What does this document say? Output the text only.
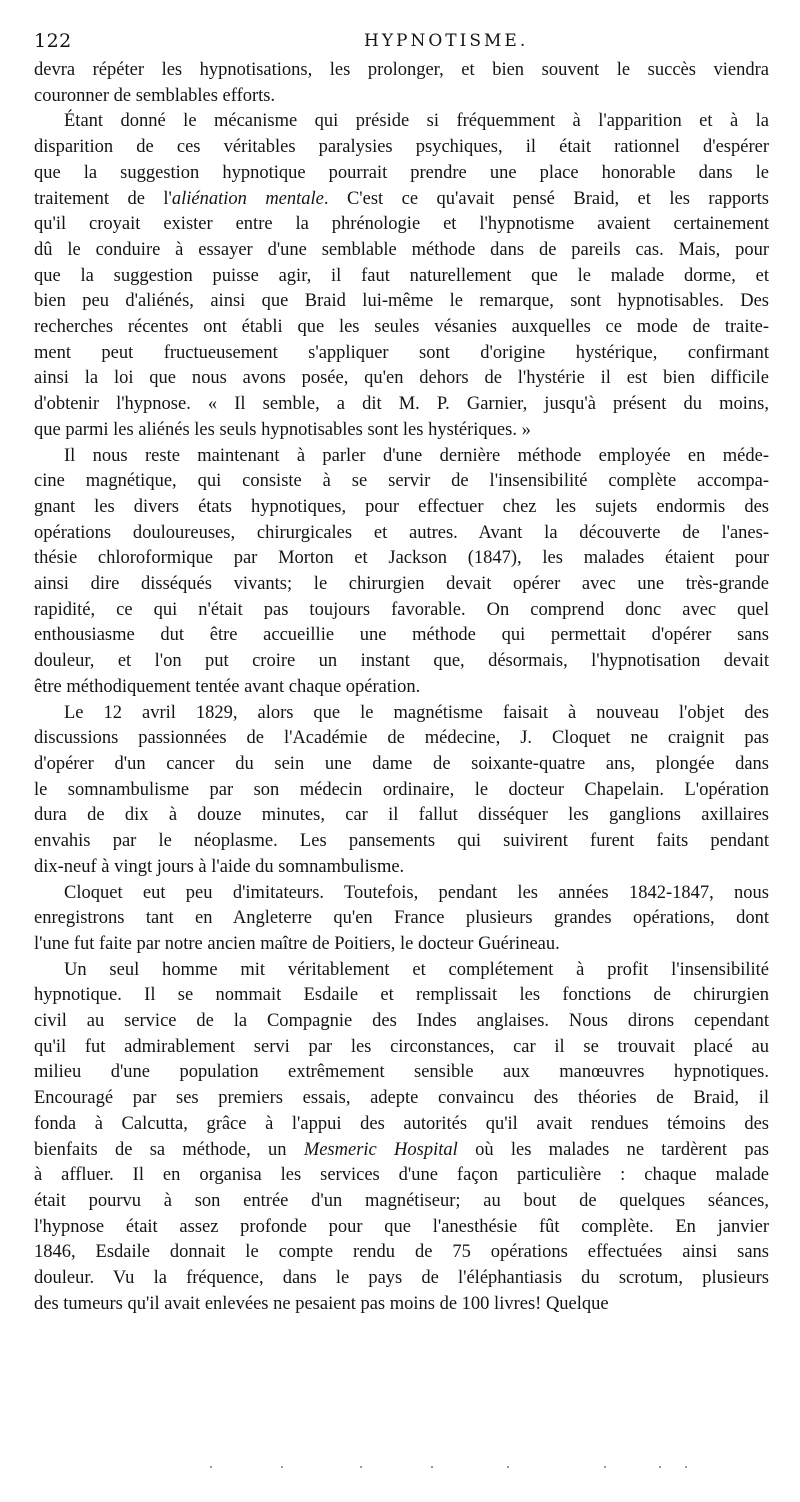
122	HYPNOTISME.

devra répéter les hypnotisations, les prolonger, et bien souvent le succès viendra
couronner de semblables efforts.

Étant donné le mécanisme qui préside si fréquemment à l'apparition et à la
disparition de ces véritables paralysies psychiques, il était rationnel d'espérer
que la suggestion hypnotique pourrait prendre une place honorable dans le
traitement de l'aliénation mentale. C'est ce qu'avait pensé Braid, et les rapports
qu'il croyait exister entre la phrénologie et l'hypnotisme avaient certainement
dû le conduire à essayer d'une semblable méthode dans de pareils cas. Mais, pour
que la suggestion puisse agir, il faut naturellement que le malade dorme, et
bien peu d'aliénés, ainsi que Braid lui-même le remarque, sont hypnotisables. Des
recherches récentes ont établi que les seules vésanies auxquelles ce mode de traite-
ment peut fructueusement s'appliquer sont d'origine hystérique, confirmant
ainsi la loi que nous avons posée, qu'en dehors de l'hystérie il est bien difficile
d'obtenir l'hypnose. « Il semble, a dit M. P. Garnier, jusqu'à présent du moins,
que parmi les aliénés les seuls hypnotisables sont les hystériques. »

Il nous reste maintenant à parler d'une dernière méthode employée en méde-
cine magnétique, qui consiste à se servir de l'insensibilité complète accompa-
gnant les divers états hypnotiques, pour effectuer chez les sujets endormis des
opérations douloureuses, chirurgicales et autres. Avant la découverte de l'anes-
thésie chloroformique par Morton et Jackson (1847), les malades étaient pour
ainsi dire disséqués vivants; le chirurgien devait opérer avec une très-grande
rapidité, ce qui n'était pas toujours favorable. On comprend donc avec quel
enthousiasme dut être accueillie une méthode qui permettait d'opérer sans
douleur, et l'on put croire un instant que, désormais, l'hypnotisation devait
être méthodiquement tentée avant chaque opération.

Le 12 avril 1829, alors que le magnétisme faisait à nouveau l'objet des
discussions passionnées de l'Académie de médecine, J. Cloquet ne craignit pas
d'opérer d'un cancer du sein une dame de soixante-quatre ans, plongée dans
le somnambulisme par son médecin ordinaire, le docteur Chapelain. L'opération
dura de dix à douze minutes, car il fallut disséquer les ganglions axillaires
envahis par le néoplasme. Les pansements qui suivirent furent faits pendant
dix-neuf à vingt jours à l'aide du somnambulisme.

Cloquet eut peu d'imitateurs. Toutefois, pendant les années 1842-1847, nous
enregistrons tant en Angleterre qu'en France plusieurs grandes opérations, dont
l'une fut faite par notre ancien maître de Poitiers, le docteur Guérineau.

Un seul homme mit véritablement et complétement à profit l'insensibilité
hypnotique. Il se nommait Esdaile et remplissait les fonctions de chirurgien
civil au service de la Compagnie des Indes anglaises. Nous dirons cependant
qu'il fut admirablement servi par les circonstances, car il se trouvait placé au
milieu d'une population extrêmement sensible aux manœuvres hypnotiques.
Encouragé par ses premiers essais, adepte convaincu des théories de Braid, il
fonda à Calcutta, grâce à l'appui des autorités qu'il avait rendues témoins des
bienfaits de sa méthode, un Mesmeric Hospital où les malades ne tardèrent pas
à affluer. Il en organisa les services d'une façon particulière : chaque malade
était pourvu à son entrée d'un magnétiseur; au bout de quelques séances,
l'hypnose était assez profonde pour que l'anesthésie fût complète. En janvier
1846, Esdaile donnait le compte rendu de 75 opérations effectuées ainsi sans
douleur. Vu la fréquence, dans le pays de l'éléphantiasis du scrotum, plusieurs
des tumeurs qu'il avait enlevées ne pesaient pas moins de 100 livres! Quelque
